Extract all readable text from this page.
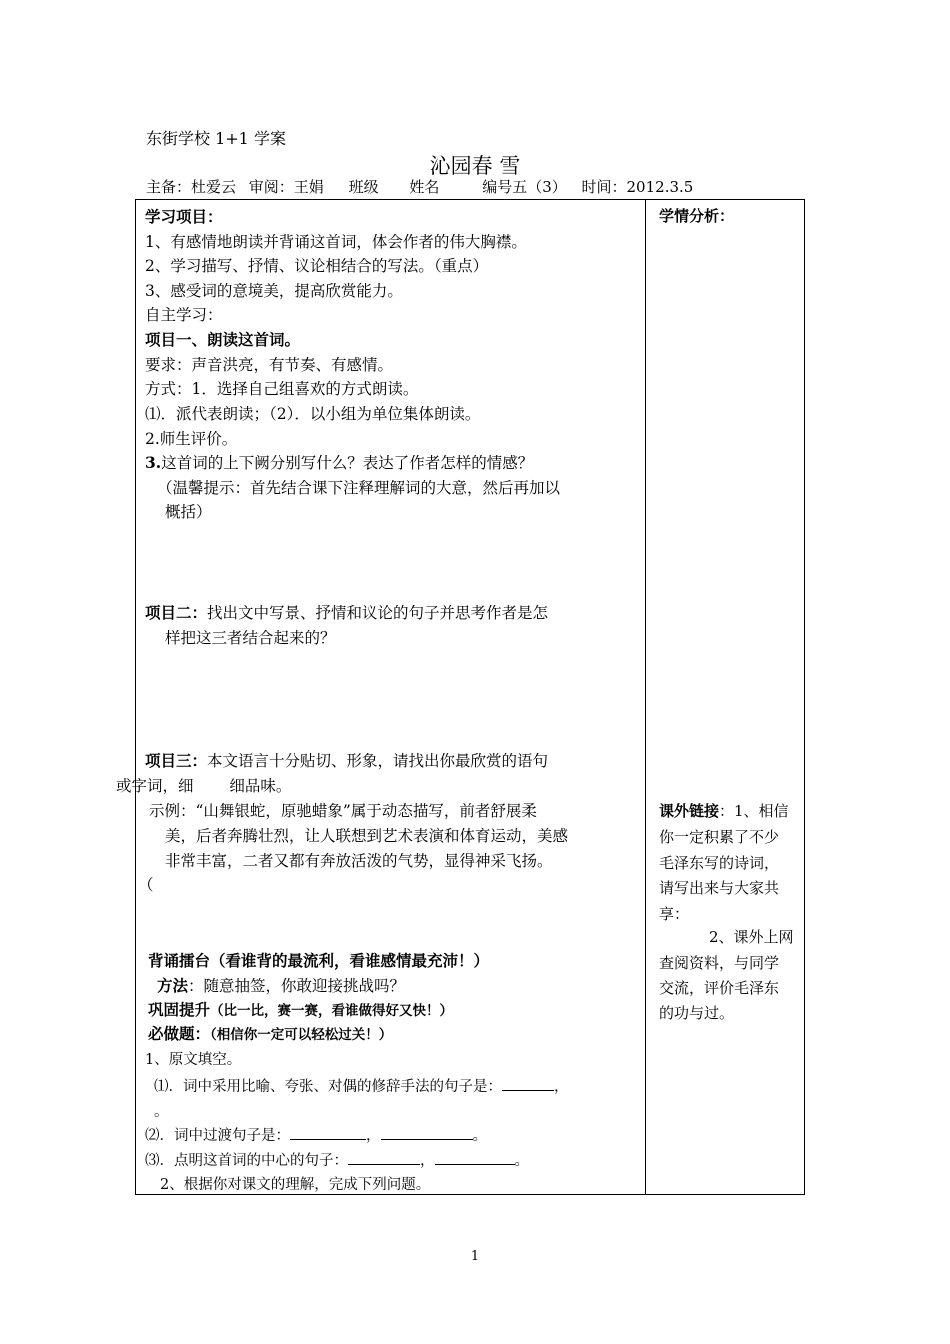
东街学校 1+1 学案
沁园春 雪
主备：杜爱云 审阅：王娟 班级 姓名	编号五（3） 时间：2012.3.5
学习项目：
1、有感情地朗读并背诵这首词，体会作者的伟大胸襟。
2、学习描写、抒情、议论相结合的写法。（重点）
3、感受词的意境美，提高欣赏能力。
自主学习：
项目一、朗读这首词。
要求：声音洪亮，有节奏、有感情。
方式：1．选择自己组喜欢的方式朗读。
⑴．派代表朗读；（2）．以小组为单位集体朗读。
2.师生评价。
3.这首词的上下阙分别写什么？表达了作者怎样的情感？
（温馨提示：首先结合课下注释理解词的大意，然后再加以
概括）
项目二：找出文中写景、抒情和议论的句子并思考作者是怎
样把这三者结合起来的？
项目三：本文语言十分贴切、形象，请找出你最欣赏的语句
或字词，细　　 细品味。
示例：“山舞银蛇，原驰蜡象”属于动态描写，前者舒展柔
美，后者奔腾壮烈，让人联想到艺术表演和体育运动，美感
非常丰富，二者又都有奔放活泼的气势，显得神采飞扬。
（
背诵擂台（看谁背的最流利，看谁感情最充沛！）
方法：随意抽签，你敢迎接挑战吗？
巩固提升（比一比，赛一赛，看谁做得好又快！）
必做题：（相信你一定可以轻松过关！）
1、原文填空。
⑴．词中采用比喻、夸张、对偶的修辞手法的句子是：	，
。
⑵．词中过渡句子是：	，	。
⑶．点明这首词的中心的句子：	，	。
2、根据你对课文的理解，完成下列问题。
学情分析：
课外链接：1、相信
你一定积累了不少
毛泽东写的诗词，
请写出来与大家共
享：
2、课外上网
查阅资料，与同学
交流，评价毛泽东
的功与过。
1
